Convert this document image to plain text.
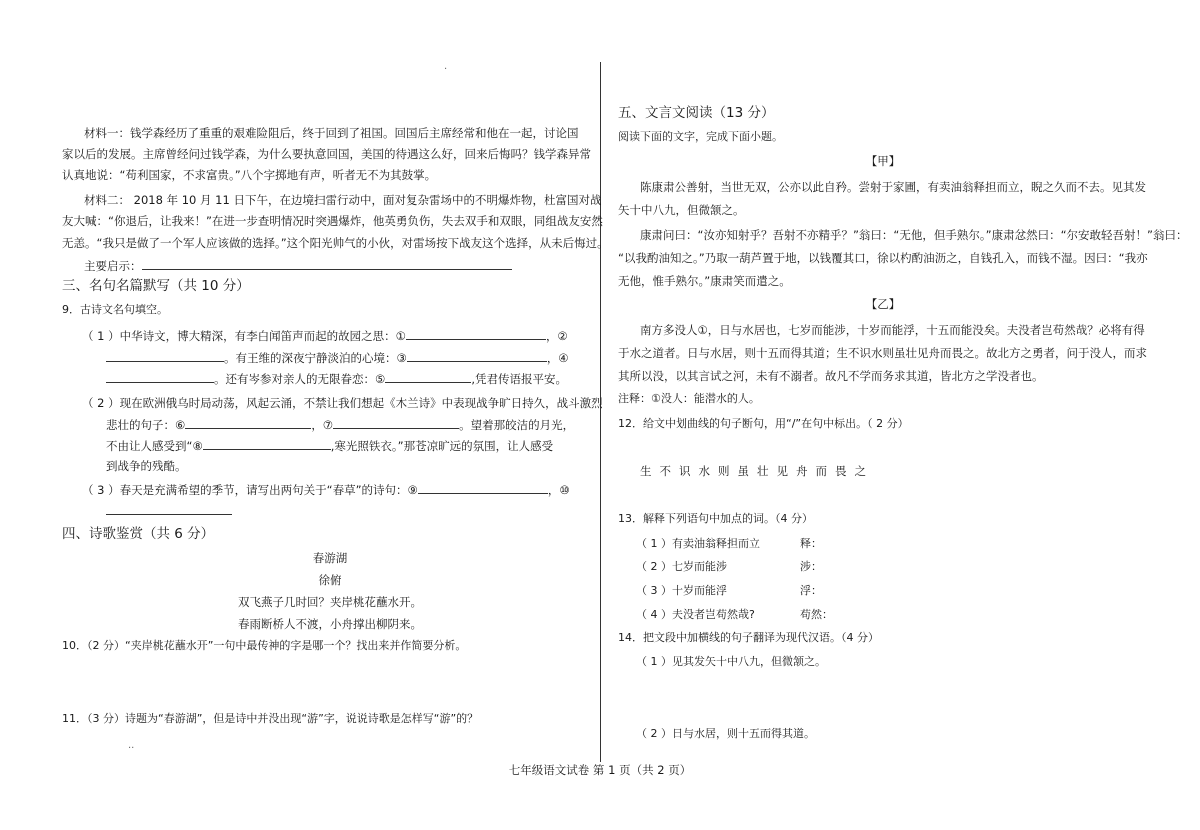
·
··
材料一：钱学森经历了重重的艰难险阻后，终于回到了祖国。回国后主席经常和他在一起，讨论国
家以后的发展。主席曾经问过钱学森，为什么要执意回国，美国的待遇这么好，回来后悔吗？钱学森异常
认真地说：“苟利国家，不求富贵。”八个字掷地有声，听者无不为其鼓掌。
材料二： 2018 年 10 月 11 日下午，在边境扫雷行动中，面对复杂雷场中的不明爆炸物，杜富国对战
友大喊：“你退后，让我来！”在进一步查明情况时突遇爆炸，他英勇负伤，失去双手和双眼，同组战友安然
无恙。“我只是做了一个军人应该做的选择。”这个阳光帅气的小伙，对雷场按下战友这个选择，从未后悔过。
主要启示：
三、名句名篇默写（共 10 分）
9．古诗文名句填空。
（ 1 ）中华诗文，博大精深，有李白闻笛声而起的故园之思：①	，②
。有王维的深夜宁静淡泊的心境：③	，④
。还有岑参对亲人的无限眷恋：⑤	,凭君传语报平安。
（ 2 ）现在欧洲俄乌时局动荡，风起云涌，不禁让我们想起《木兰诗》中表现战争旷日持久，战斗激烈
悲壮的句子：⑥	，⑦	。望着那皎洁的月光，
不由让人感受到“⑧	,寒光照铁衣。”那苍凉旷远的氛围，让人感受
到战争的残酷。
（ 3 ）春天是充满希望的季节，请写出两句关于“春草”的诗句：⑨	，⑩
四、诗歌鉴赏（共 6 分）
春游湖
徐俯
双飞燕子几时回？夹岸桃花蘸水开。
春雨断桥人不渡，小舟撑出柳阴来。
10．（2 分）“夹岸桃花蘸水开”一句中最传神的字是哪一个？找出来并作简要分析。
11．（3 分）诗题为“春游湖”，但是诗中并没出现“游”字，说说诗歌是怎样写“游”的？
五、文言文阅读（13 分）
阅读下面的文字，完成下面小题。
【甲】
陈康肃公善射，当世无双，公亦以此自矜。尝射于家圃，有卖油翁释担而立，睨之久而不去。见其发
矢十中八九，但微颔之。
康肃问曰：“汝亦知射乎？吾射不亦精乎？”翁曰：“无他，但手熟尔。”康肃忿然曰：“尔安敢轻吾射！”翁曰：
“以我酌油知之。”乃取一葫芦置于地，以钱覆其口，徐以杓酌油沥之，自钱孔入，而钱不湿。因曰：“我亦
无他，惟手熟尔。”康肃笑而遣之。
【乙】
南方多没人①，日与水居也，七岁而能涉，十岁而能浮，十五而能没矣。夫没者岂苟然哉？必将有得
于水之道者。日与水居，则十五而得其道；生不识水则虽壮见舟而畏之。故北方之勇者，问于没人，而求
其所以没，以其言试之河，未有不溺者。故凡不学而务求其道，皆北方之学没者也。
注释：①没人：能潜水的人。
12．给文中划曲线的句子断句，用“/”在句中标出。（ 2 分）
生不识水则虽壮见舟而畏之
13．解释下列语句中加点的词。（4 分）
（ 1 ）有卖油翁释担而立	释：
（ 2 ）七岁而能涉	涉：
（ 3 ）十岁而能浮	浮：
（ 4 ）夫没者岂苟然哉?	苟然：
14．把文段中加横线的句子翻译为现代汉语。（4 分）
（ 1 ）见其发矢十中八九，但微颔之。
（ 2 ）日与水居，则十五而得其道。
七年级语文试卷 第 1 页（共 2 页）
